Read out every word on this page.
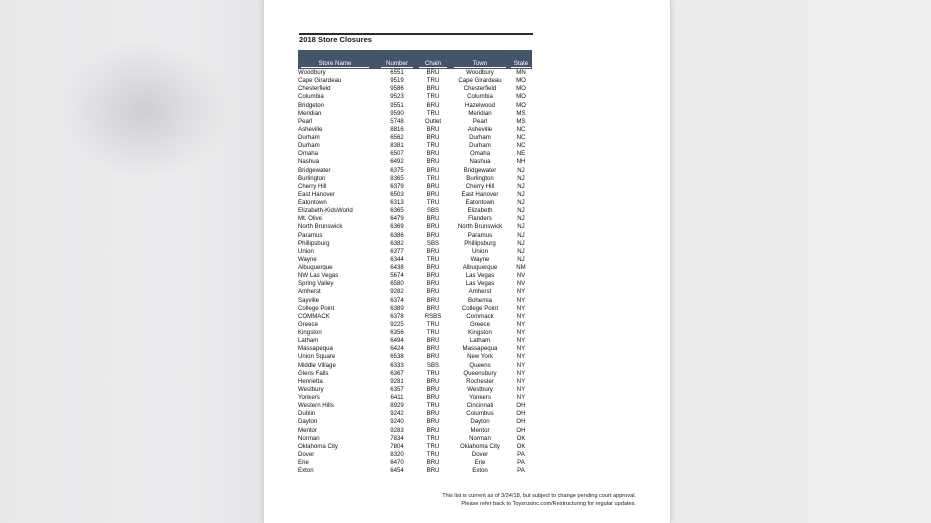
2018 Store Closures
Store Name	Number	Chain	Town	State
Woodbury	6551	BRU	Woodbury	MN
Cape Girardeau	9519	TRU	Cape Girardeau	MO
Chesterfield	9586	BRU	Chesterfield	MO
Columbia	9523	TRU	Columbia	MO
Bridgeton	9551	BRU	Hazelwood	MO
Meridian	9590	TRU	Meridian	MS
Pearl	5748	Outlet	Pearl	MS
Asheville	8816	BRU	Asheville	NC
Durham	6562	BRU	Durham	NC
Durham	8381	TRU	Durham	NC
Omaha	6507	BRU	Omaha	NE
Nashua	6492	BRU	Nashua	NH
Bridgewater	6375	BRU	Bridgewater	NJ
Burlington	8365	TRU	Burlington	NJ
Cherry Hill	6379	BRU	Cherry Hill	NJ
East Hanover	6503	BRU	East Hanover	NJ
Eatontown	6313	TRU	Eatontown	NJ
Elizabeth-KidsWorld	6365	SBS	Elizabeth	NJ
Mt. Olive	6479	BRU	Flanders	NJ
North Brunswick	6369	BRU	North Brunswick	NJ
Paramus	6386	BRU	Paramus	NJ
Phillipsburg	6382	SBS	Phillipsburg	NJ
Union	6377	BRU	Union	NJ
Wayne	6344	TRU	Wayne	NJ
Albuquerque	6438	BRU	Albuquerque	NM
NW Las Vegas	5674	BRU	Las Vegas	NV
Spring Valley	6580	BRU	Las Vegas	NV
Amherst	9282	BRU	Amherst	NY
Sayville	6374	BRU	Bohemia	NY
College Point	6389	BRU	College Point	NY
COMMACK	6378	RSBS	Commack	NY
Greece	9225	TRU	Greece	NY
Kingston	6356	TRU	Kingston	NY
Latham	6494	BRU	Latham	NY
Massapequa	6424	BRU	Massapequa	NY
Union Square	6538	BRU	New York	NY
Middle Village	6333	SBS	Queens	NY
Glens Falls	6367	TRU	Queensbury	NY
Henrietta	9281	BRU	Rochester	NY
Westbury	6357	BRU	Westbury	NY
Yonkers	6411	BRU	Yonkers	NY
Western Hills	8929	TRU	Cincinnati	OH
Dublin	9242	BRU	Columbus	OH
Dayton	9240	BRU	Dayton	OH
Mentor	9283	BRU	Mentor	OH
Norman	7834	TRU	Norman	OK
Oklahoma City	7804	TRU	Oklahoma City	OK
Dover	8320	TRU	Dover	PA
Erie	6470	BRU	Erie	PA
Exton	6454	BRU	Exton	PA
This list is current as of 3/24/18, but subject to change pending court approval.
Please refer back to Toysrusinc.com/Restructuring for regular updates.
